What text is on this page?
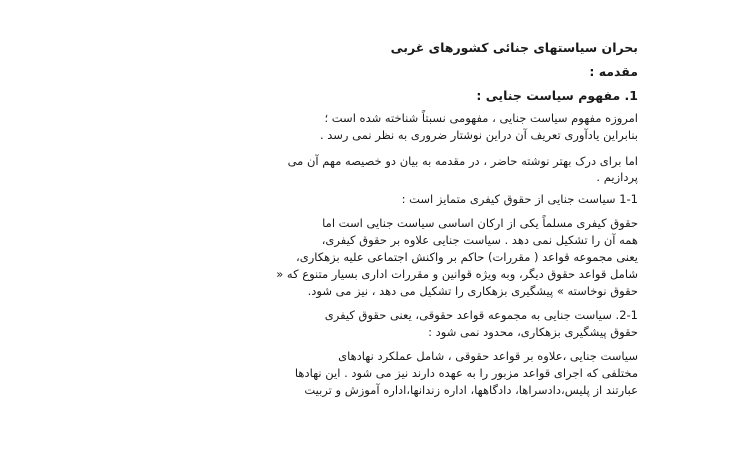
بحران سیاستهای جنائی کشورهای غربی
مقدمه :
1. مفهوم سیاست جنایی :
امروزه مفهوم سیاست جنایی ، مفهومی نسبتاً شناخته شده است ؛
بنابراین یادآوری تعریف آن دراین نوشتار ضروری به نظر نمی رسد .
اما برای درک بهتر نوشته حاضر ، در مقدمه به بیان دو خصیصه مهم آن می
پردازیم .
1-1 سیاست جنایی از حقوق کیفری متمایز است :
حقوق کیفری مسلماً یکی از ارکان اساسی سیاست جنایی است اما
همه آن را تشکیل نمی دهد . سیاست جنایی علاوه بر حقوق کیفری،
یعنی مجموعه قواعد ( مقررات) حاکم بر واکنش اجتماعی علیه بزهکاری،
شامل قواعد حقوق دیگر، وبه ویژه قوانین و مقررات اداری بسیار متنوع که «
حقوق نوخاسته » پیشگیری بزهکاری را تشکیل می دهد ، نیز می شود.
2-1. سیاست جنایی به مجموعه قواعد حقوقی، یعنی حقوق کیفری
حقوق پیشگیری بزهکاری، محدود نمی شود :
سیاست جنایی ،علاوه بر قواعد حقوقی ، شامل عملکرد نهادهای
مختلفی که اجرای قواعد مزبور را به عهده دارند نیز می شود . این نهادها
عبارتند از پلیس،دادسراها، دادگاهها، اداره زندانها،اداره آموزش و تربیت
